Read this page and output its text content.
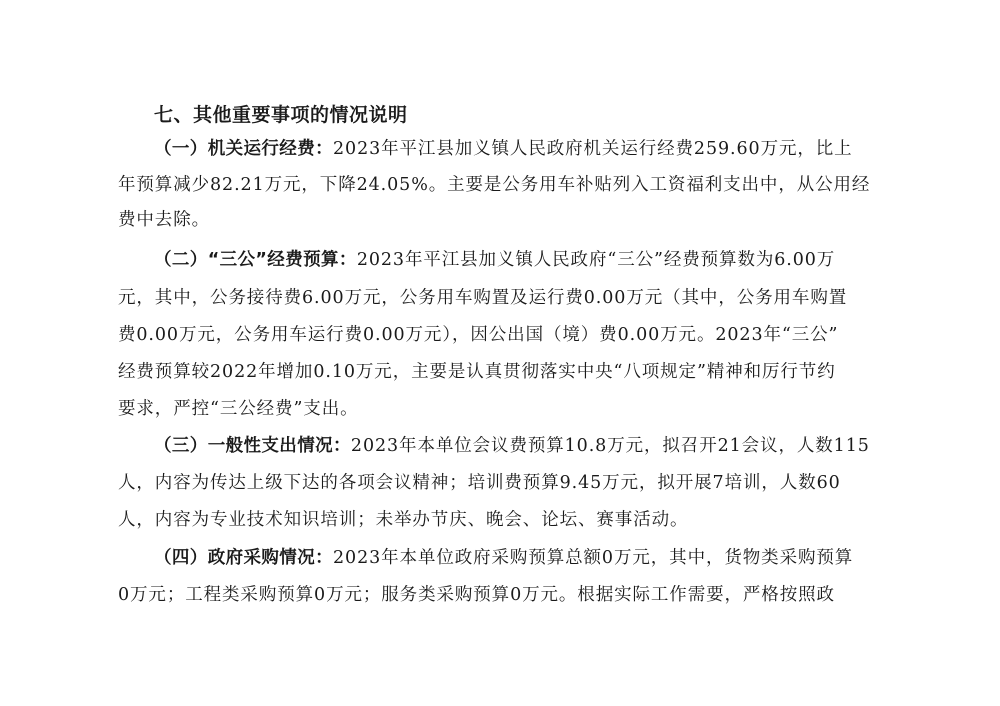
七、其他重要事项的情况说明
（一）机关运行经费：2023年平江县加义镇人民政府机关运行经费259.60万元，比上
年预算减少82.21万元，下降24.05%。主要是公务用车补贴列入工资福利支出中，从公用经
费中去除。
（二）“三公”经费预算：2023年平江县加义镇人民政府“三公”经费预算数为6.00万
元，其中，公务接待费6.00万元，公务用车购置及运行费0.00万元（其中，公务用车购置
费0.00万元，公务用车运行费0.00万元），因公出国（境）费0.00万元。2023年“三公”
经费预算较2022年增加0.10万元，主要是认真贯彻落实中央“八项规定”精神和厉行节约
要求，严控“三公经费”支出。
（三）一般性支出情况：2023年本单位会议费预算10.8万元，拟召开21会议，人数115
人，内容为传达上级下达的各项会议精神；培训费预算9.45万元，拟开展7培训，人数60
人，内容为专业技术知识培训；未举办节庆、晚会、论坛、赛事活动。
（四）政府采购情况：2023年本单位政府采购预算总额0万元，其中，货物类采购预算
0万元；工程类采购预算0万元；服务类采购预算0万元。根据实际工作需要，严格按照政
